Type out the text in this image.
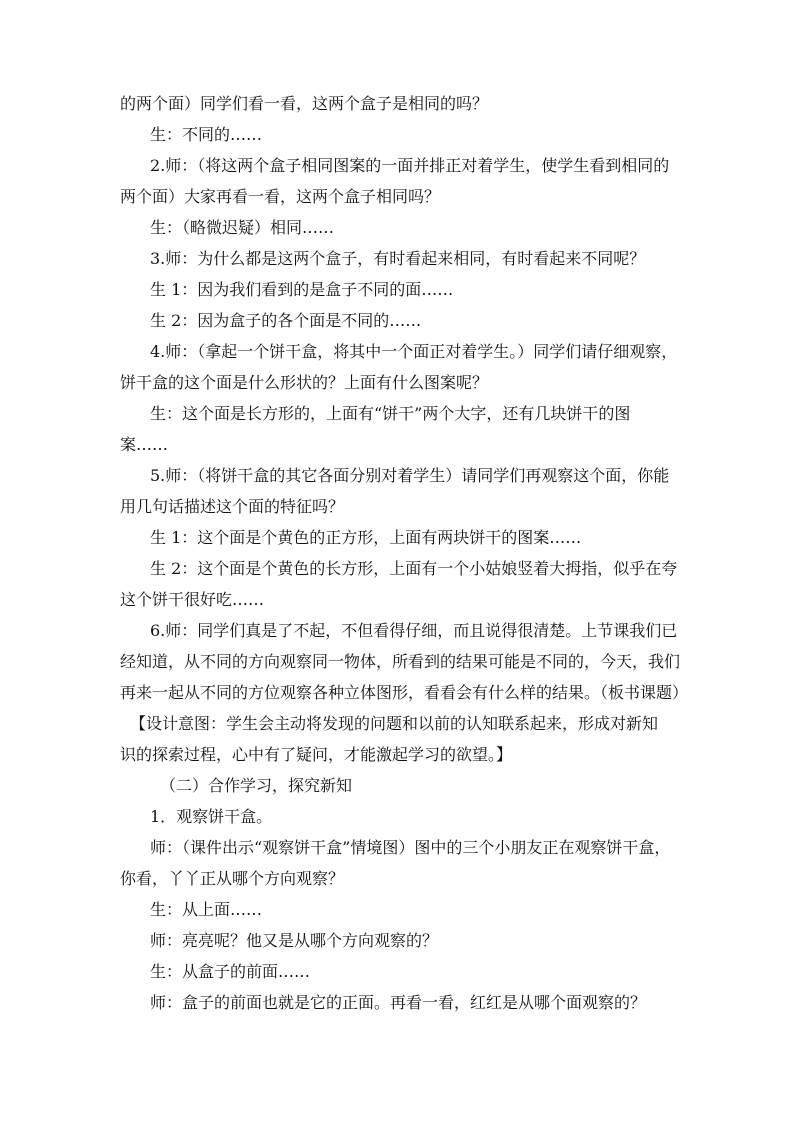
的两个面）同学们看一看，这两个盒子是相同的吗？

生：不同的……

2.师：（将这两个盒子相同图案的一面并排正对着学生，使学生看到相同的

两个面）大家再看一看，这两个盒子相同吗？

生：（略微迟疑）相同……

3.师：为什么都是这两个盒子，有时看起来相同，有时看起来不同呢？

生 1：因为我们看到的是盒子不同的面……

生 2：因为盒子的各个面是不同的……

4.师：（拿起一个饼干盒，将其中一个面正对着学生。）同学们请仔细观察，

饼干盒的这个面是什么形状的？上面有什么图案呢？

生：这个面是长方形的，上面有“饼干”两个大字，还有几块饼干的图

案……

5.师：（将饼干盒的其它各面分别对着学生）请同学们再观察这个面，你能

用几句话描述这个面的特征吗？

生 1：这个面是个黄色的正方形，上面有两块饼干的图案……

生 2：这个面是个黄色的长方形，上面有一个小姑娘竖着大拇指，似乎在夸

这个饼干很好吃……

6.师：同学们真是了不起，不但看得仔细，而且说得很清楚。上节课我们已

经知道，从不同的方向观察同一物体，所看到的结果可能是不同的，今天，我们

再来一起从不同的方位观察各种立体图形，看看会有什么样的结果。（板书课题）

【设计意图：学生会主动将发现的问题和以前的认知联系起来，形成对新知

识的探索过程，心中有了疑问，才能激起学习的欲望。】

（二）合作学习，探究新知

1．观察饼干盒。

师：（课件出示“观察饼干盒”情境图）图中的三个小朋友正在观察饼干盒，

你看，丫丫正从哪个方向观察？

生：从上面……

师：亮亮呢？他又是从哪个方向观察的？

生：从盒子的前面……

师：盒子的前面也就是它的正面。再看一看，红红是从哪个面观察的？
